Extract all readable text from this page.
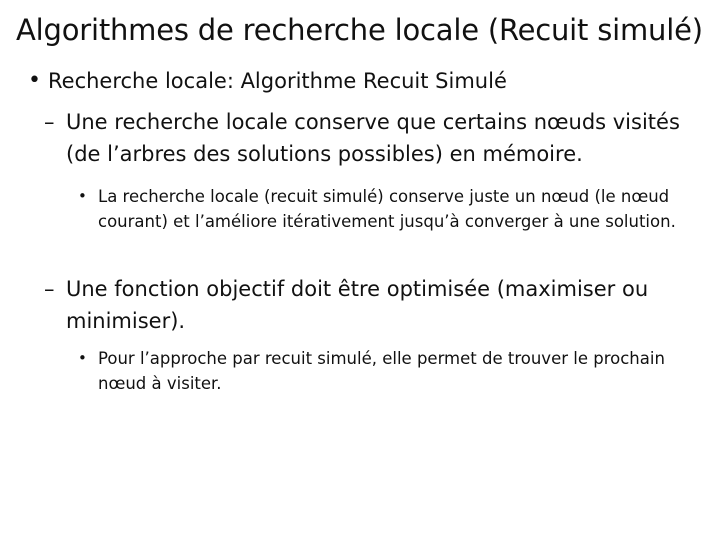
Algorithmes de recherche locale (Recuit simulé)
• Recherche locale: Algorithme Recuit Simulé
– Une recherche locale conserve que certains nœuds visités (de l’arbres des solutions possibles) en mémoire.
• La recherche locale (recuit simulé) conserve juste un nœud (le nœud courant) et l’améliore itérativement jusqu’à converger à une solution.
– Une fonction objectif doit être optimisée (maximiser ou minimiser).
• Pour l’approche par recuit simulé, elle permet de trouver le prochain nœud à visiter.
